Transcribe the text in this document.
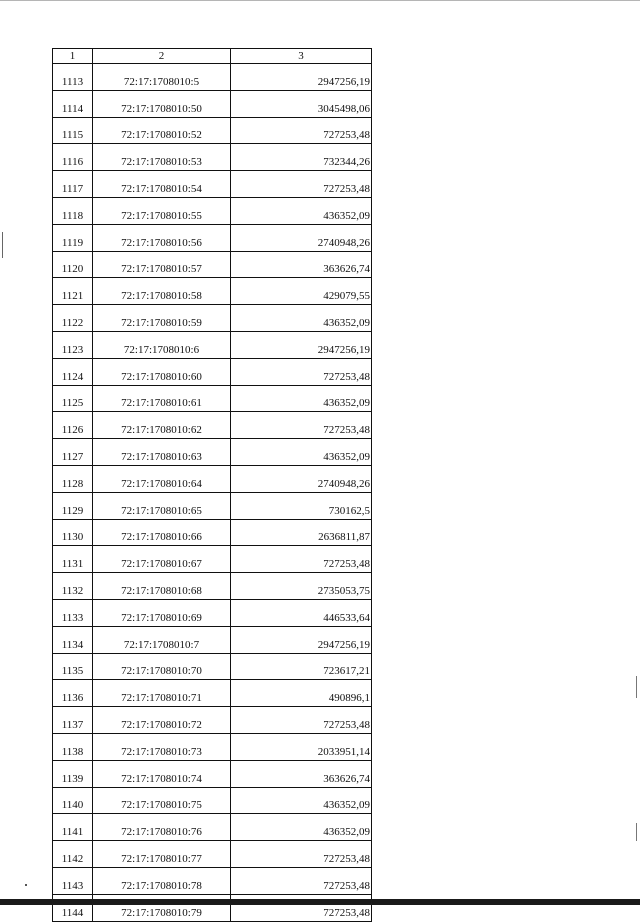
1	2	3
1113	72:17:1708010:5	2947256,19
1114	72:17:1708010:50	3045498,06
1115	72:17:1708010:52	727253,48
1116	72:17:1708010:53	732344,26
1117	72:17:1708010:54	727253,48
1118	72:17:1708010:55	436352,09
1119	72:17:1708010:56	2740948,26
1120	72:17:1708010:57	363626,74
1121	72:17:1708010:58	429079,55
1122	72:17:1708010:59	436352,09
1123	72:17:1708010:6	2947256,19
1124	72:17:1708010:60	727253,48
1125	72:17:1708010:61	436352,09
1126	72:17:1708010:62	727253,48
1127	72:17:1708010:63	436352,09
1128	72:17:1708010:64	2740948,26
1129	72:17:1708010:65	730162,5
1130	72:17:1708010:66	2636811,87
1131	72:17:1708010:67	727253,48
1132	72:17:1708010:68	2735053,75
1133	72:17:1708010:69	446533,64
1134	72:17:1708010:7	2947256,19
1135	72:17:1708010:70	723617,21
1136	72:17:1708010:71	490896,1
1137	72:17:1708010:72	727253,48
1138	72:17:1708010:73	2033951,14
1139	72:17:1708010:74	363626,74
1140	72:17:1708010:75	436352,09
1141	72:17:1708010:76	436352,09
1142	72:17:1708010:77	727253,48
1143	72:17:1708010:78	727253,48
1144	72:17:1708010:79	727253,48
